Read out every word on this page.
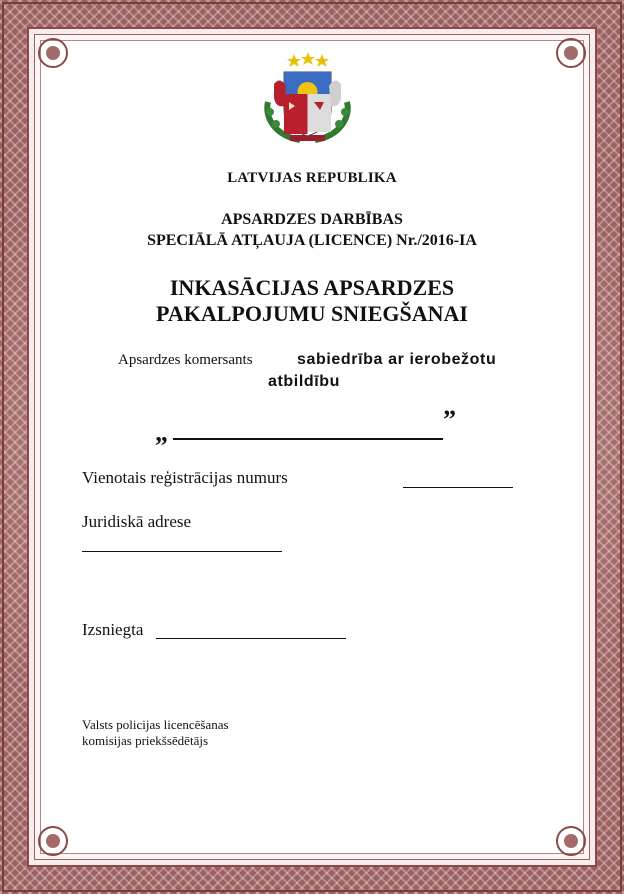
LATVIJAS REPUBLIKA
APSARDZES DARBĪBAS
SPECIĀLĀ ATĻAUJA (LICENCE) Nr./2016-IA
INKASĀCIJAS APSARDZES
PAKALPOJUMU SNIEGŠANAI
Apsardzes komersants	sabiedrība ar ierobežotu
atbildību
„	”
Vienotais reģistrācijas numurs
Juridiskā adrese
Izsniegta
Valsts policijas licencēšanas
komisijas priekšsēdētājs
